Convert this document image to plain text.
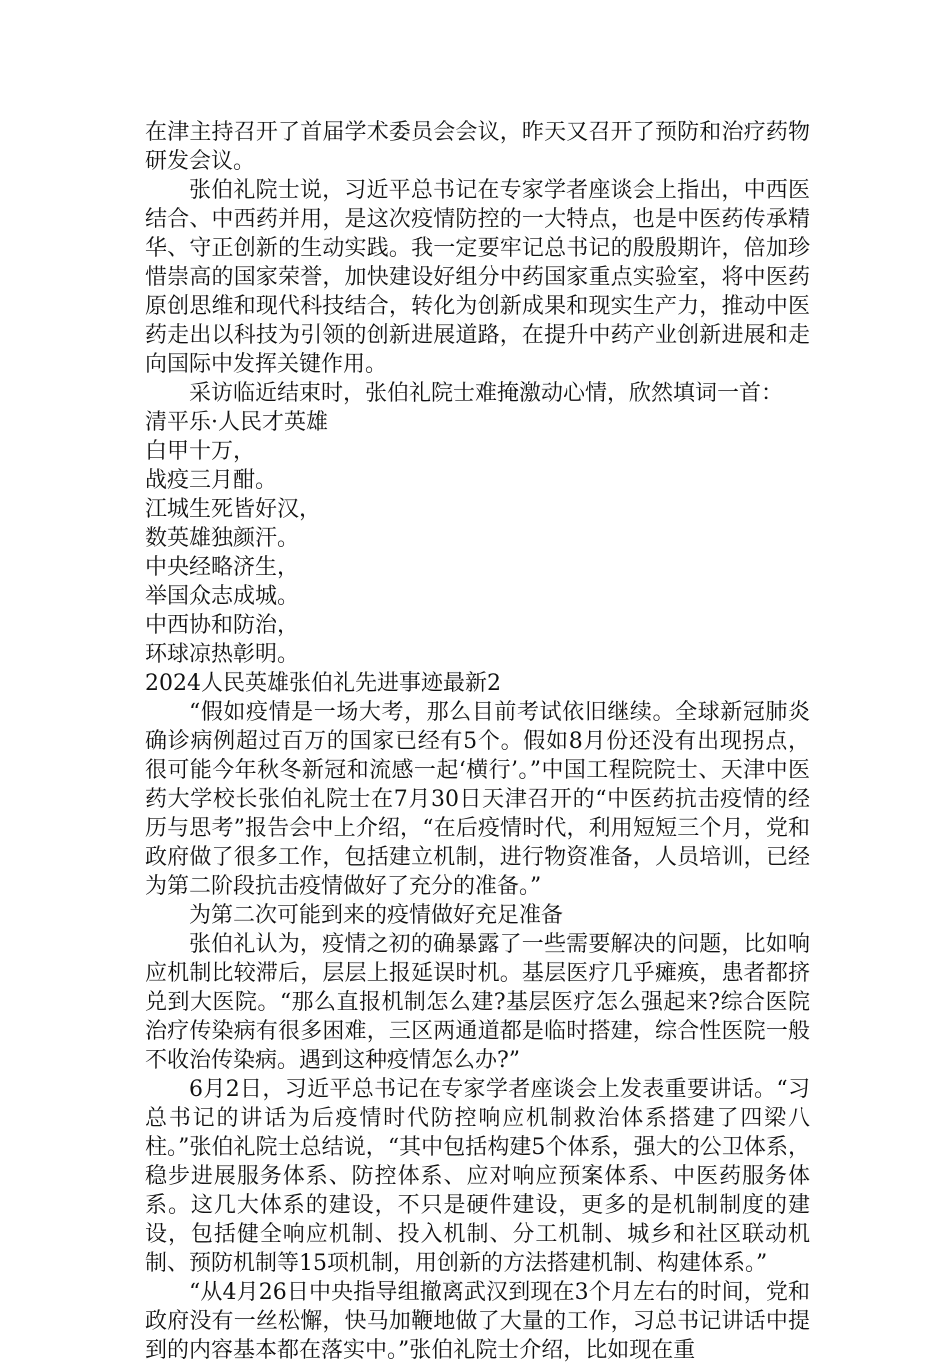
在津主持召开了首届学术委员会会议，昨天又召开了预防和治疗药物研发会议。

张伯礼院士说，习近平总书记在专家学者座谈会上指出，中西医结合、中西药并用，是这次疫情防控的一大特点，也是中医药传承精华、守正创新的生动实践。我一定要牢记总书记的殷殷期许，倍加珍惜崇高的国家荣誉，加快建设好组分中药国家重点实验室，将中医药原创思维和现代科技结合，转化为创新成果和现实生产力，推动中医药走出以科技为引领的创新进展道路，在提升中药产业创新进展和走向国际中发挥关键作用。

采访临近结束时，张伯礼院士难掩激动心情，欣然填词一首：

清平乐·人民才英雄

白甲十万，

战疫三月酣。

江城生死皆好汉，

数英雄独颜汗。

中央经略济生，

举国众志成城。

中西协和防治，

环球凉热彰明。

2024人民英雄张伯礼先进事迹最新2

“假如疫情是一场大考，那么目前考试依旧继续。全球新冠肺炎确诊病例超过百万的国家已经有5个。假如8月份还没有出现拐点，很可能今年秋冬新冠和流感一起‘横行’。”中国工程院院士、天津中医药大学校长张伯礼院士在7月30日天津召开的“中医药抗击疫情的经历与思考”报告会中上介绍，“在后疫情时代，利用短短三个月，党和政府做了很多工作，包括建立机制，进行物资准备，人员培训，已经为第二阶段抗击疫情做好了充分的准备。”

为第二次可能到来的疫情做好充足准备

张伯礼认为，疫情之初的确暴露了一些需要解决的问题，比如响应机制比较滞后，层层上报延误时机。基层医疗几乎瘫痪，患者都挤兑到大医院。“那么直报机制怎么建?基层医疗怎么强起来?综合医院治疗传染病有很多困难，三区两通道都是临时搭建，综合性医院一般不收治传染病。遇到这种疫情怎么办?”

6月2日，习近平总书记在专家学者座谈会上发表重要讲话。“习总书记的讲话为后疫情时代防控响应机制救治体系搭建了四梁八柱。”张伯礼院士总结说，“其中包括构建5个体系，强大的公卫体系，稳步进展服务体系、防控体系、应对响应预案体系、中医药服务体系。这几大体系的建设，不只是硬件建设，更多的是机制制度的建设，包括健全响应机制、投入机制、分工机制、城乡和社区联动机制、预防机制等15项机制，用创新的方法搭建机制、构建体系。”

“从4月26日中央指导组撤离武汉到现在3个月左右的时间，党和政府没有一丝松懈，快马加鞭地做了大量的工作，习总书记讲话中提到的内容基本都在落实中。”张伯礼院士介绍，比如现在重
